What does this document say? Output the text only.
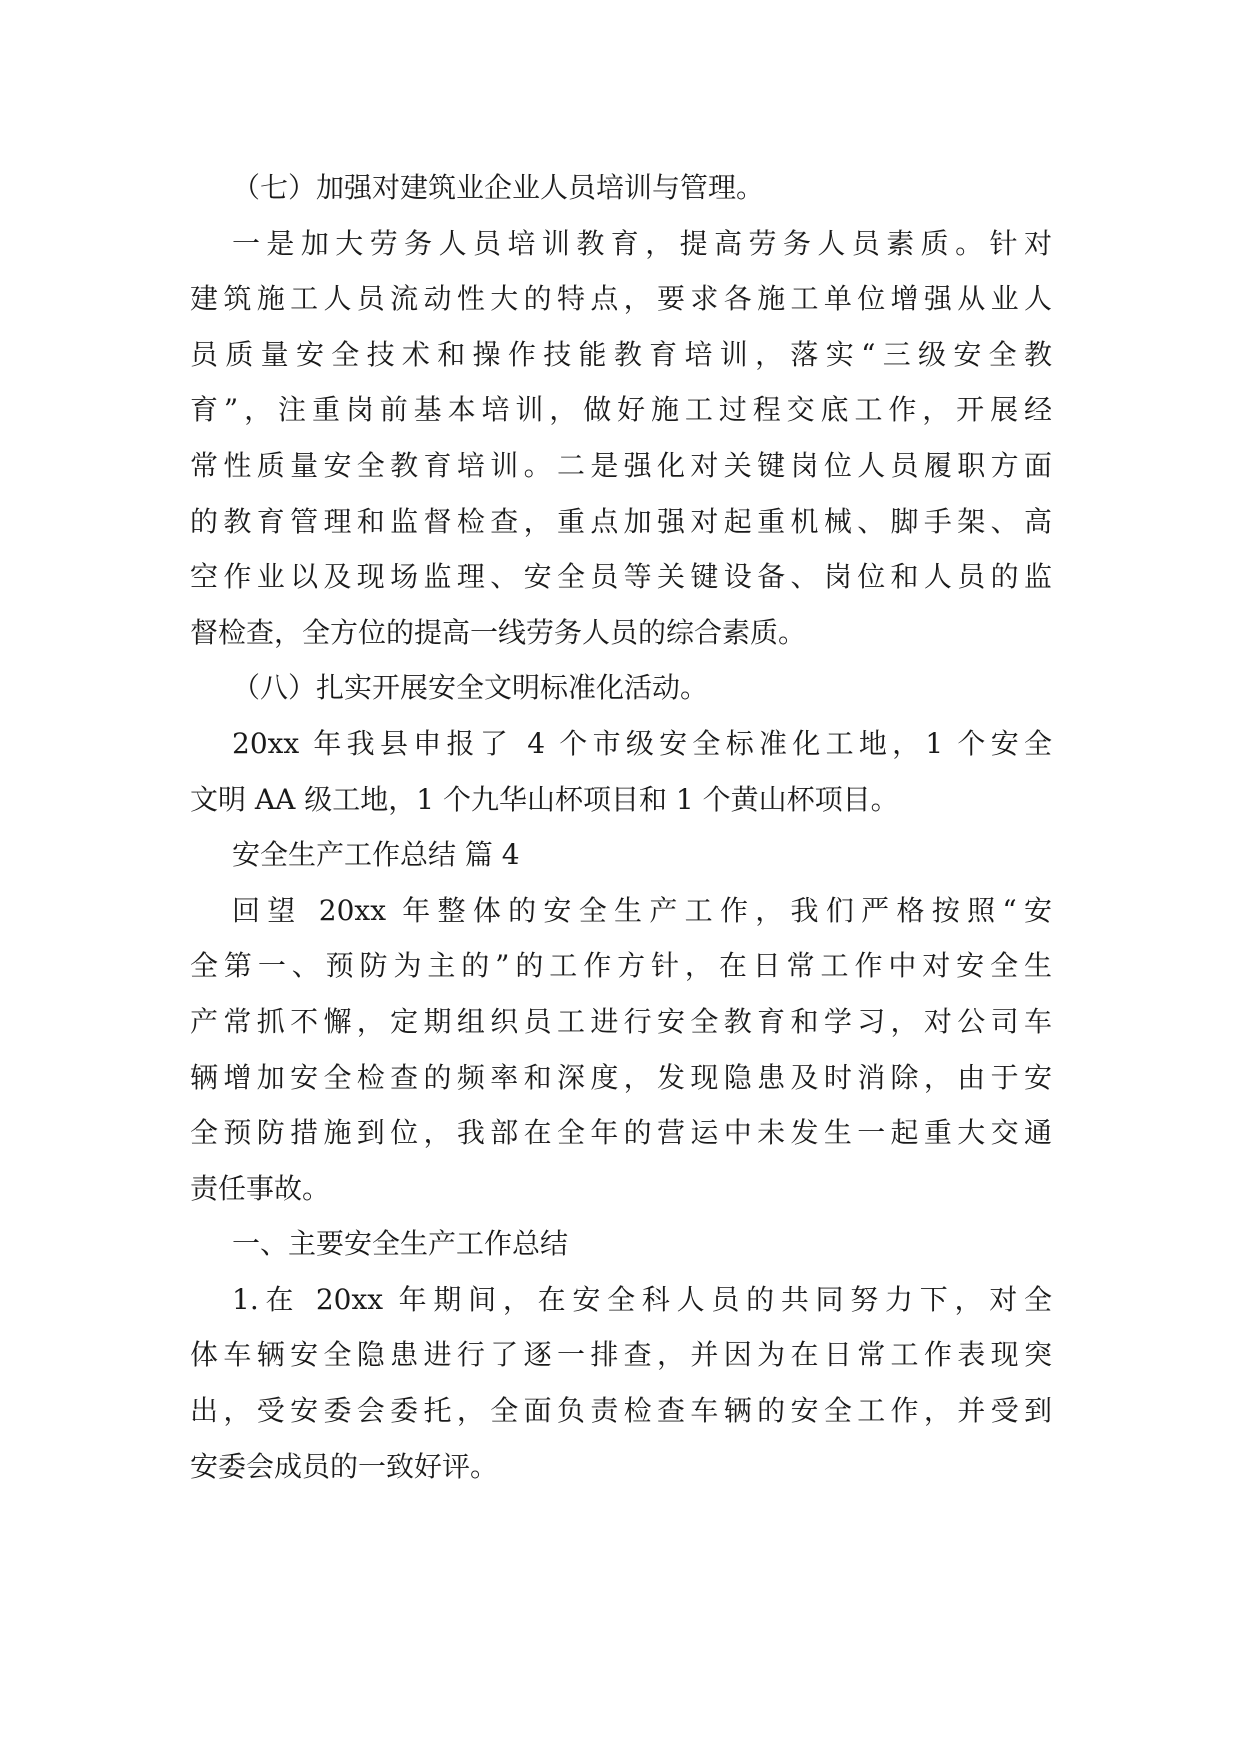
（七）加强对建筑业企业人员培训与管理。
一是加大劳务人员培训教育，提高劳务人员素质。针对
建筑施工人员流动性大的特点，要求各施工单位增强从业人
员质量安全技术和操作技能教育培训，落实“三级安全教
育”，注重岗前基本培训，做好施工过程交底工作，开展经
常性质量安全教育培训。二是强化对关键岗位人员履职方面
的教育管理和监督检查，重点加强对起重机械、脚手架、高
空作业以及现场监理、安全员等关键设备、岗位和人员的监
督检查，全方位的提高一线劳务人员的综合素质。
（八）扎实开展安全文明标准化活动。
20xx 年我县申报了 4 个市级安全标准化工地，1 个安全
文明 AA 级工地，1 个九华山杯项目和 1 个黄山杯项目。
安全生产工作总结 篇 4
回望 20xx 年整体的安全生产工作，我们严格按照“安
全第一、预防为主的”的工作方针，在日常工作中对安全生
产常抓不懈，定期组织员工进行安全教育和学习，对公司车
辆增加安全检查的频率和深度，发现隐患及时消除，由于安
全预防措施到位，我部在全年的营运中未发生一起重大交通
责任事故。
一、主要安全生产工作总结
1.在 20xx 年期间，在安全科人员的共同努力下，对全
体车辆安全隐患进行了逐一排查，并因为在日常工作表现突
出，受安委会委托，全面负责检查车辆的安全工作，并受到
安委会成员的一致好评。
